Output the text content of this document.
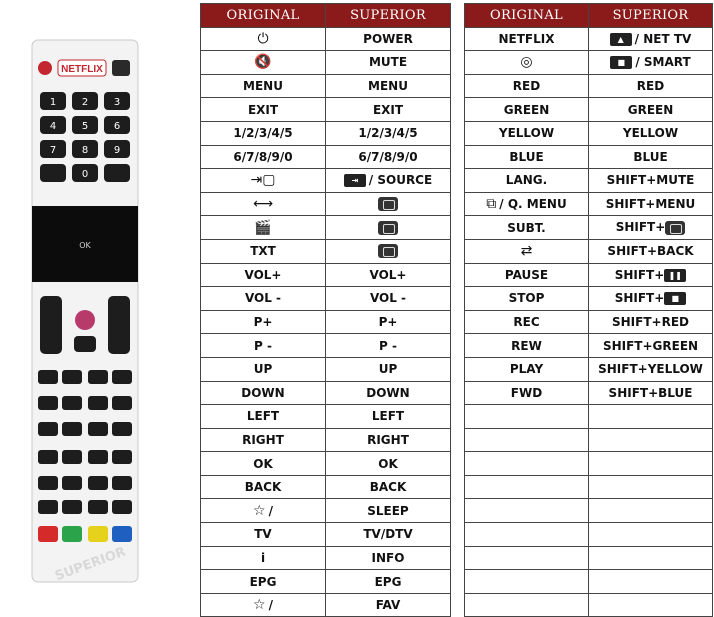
NETFLIX
1	2	3
4	5	6
7	8	9
0
OK
SUPERIOR
ORIGINAL	SUPERIOR
⏻	POWER
🔇	MUTE
MENU	MENU
EXIT	EXIT
1/2/3/4/5	1/2/3/4/5
6/7/8/9/0	6/7/8/9/0
⇥▢	⇥ / SOURCE
⟷	
🎬	
TXT	
VOL+	VOL+
VOL -	VOL -
P+	P+
P -	P -
UP	UP
DOWN	DOWN
LEFT	LEFT
RIGHT	RIGHT
OK	OK
BACK	BACK
☆ /	SLEEP
TV	TV/DTV
i	INFO
EPG	EPG
☆ /	FAV
ORIGINAL	SUPERIOR
NETFLIX	▲ / NET TV
◎	■ / SMART
RED	RED
GREEN	GREEN
YELLOW	YELLOW
BLUE	BLUE
LANG.	SHIFT+MUTE
⧉ / Q. MENU	SHIFT+MENU
SUBT.	SHIFT+
⇄	SHIFT+BACK
PAUSE	SHIFT+ ❚❚
STOP	SHIFT+ ■
REC	SHIFT+RED
REW	SHIFT+GREEN
PLAY	SHIFT+YELLOW
FWD	SHIFT+BLUE
